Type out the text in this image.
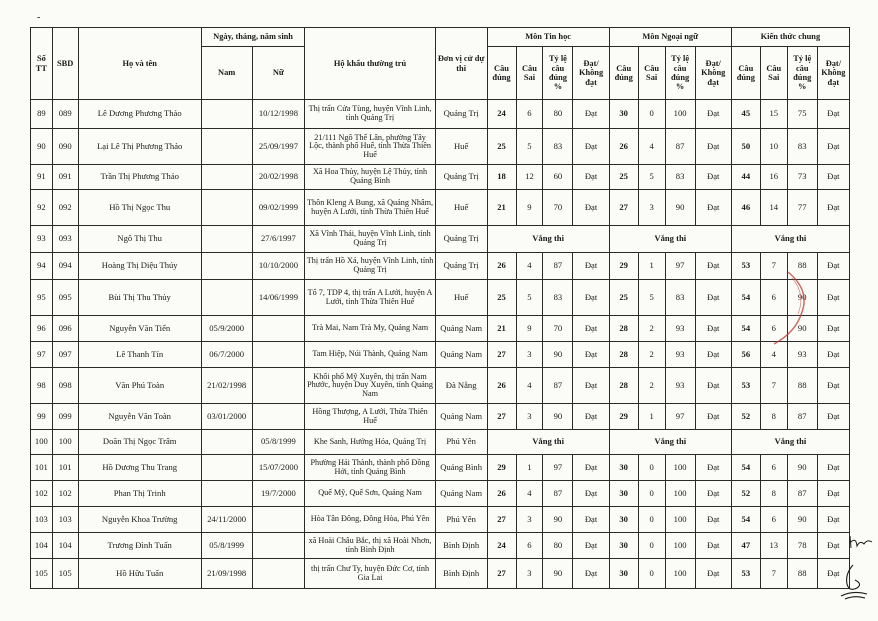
-
Số TT	SBD	Họ và tên	Ngày, tháng, năm sinh		Hộ khẩu thường trú	Đơn vị cử dự thi	Môn Tin học				Môn Ngoại ngữ				Kiến thức chung			
			Nam	Nữ			Câu đúng	Câu Sai	Tỷ lệ câu đúng %	Đạt/ Không đạt	Câu đúng	Câu Sai	Tỷ lệ câu đúng %	Đạt/ Không đạt	Câu đúng	Câu Sai	Tỷ lệ câu đúng %	Đạt/ Không đạt
89	089	Lê Dương Phương Thảo		10/12/1998	Thị trấn Cửa Tùng, huyện Vĩnh Linh, tỉnh Quảng Trị	Quảng Trị	24	6	80	Đạt	30	0	100	Đạt	45	15	75	Đạt
90	090	Lại Lê Thị Phương Thảo		25/09/1997	21/111 Ngô Thế Lân, phường Tây Lộc, thành phố Huế, tỉnh Thừa Thiên Huế	Huế	25	5	83	Đạt	26	4	87	Đạt	50	10	83	Đạt
91	091	Trần Thị Phương Thảo		20/02/1998	Xã Hoa Thủy, huyện Lệ Thủy, tỉnh Quảng Bình	Quảng Trị	18	12	60	Đạt	25	5	83	Đạt	44	16	73	Đạt
92	092	Hồ Thị Ngọc Thu		09/02/1999	Thôn Kleng A Bung, xã Quảng Nhâm, huyện A Lưới, tỉnh Thừa Thiên Huế	Huế	21	9	70	Đạt	27	3	90	Đạt	46	14	77	Đạt
93	093	Ngô Thị Thu		27/6/1997	Xã Vĩnh Thái, huyện Vĩnh Linh, tỉnh Quảng Trị	Quảng Trị	Vắng thi				Vắng thi				Vắng thi			
94	094	Hoàng Thị Diệu Thúy		10/10/2000	Thị trấn Hồ Xá, huyện Vĩnh Linh, tỉnh Quảng Trị	Quảng Trị	26	4	87	Đạt	29	1	97	Đạt	53	7	88	Đạt
95	095	Bùi Thị Thu Thủy		14/06/1999	Tổ 7, TDP 4, thị trấn A Lưới, huyện A Lưới, tỉnh Thừa Thiên Huế	Huế	25	5	83	Đạt	25	5	83	Đạt	54	6	90	Đạt
96	096	Nguyễn Văn Tiến	05/9/2000		Trà Mai, Nam Trà My, Quảng Nam	Quảng Nam	21	9	70	Đạt	28	2	93	Đạt	54	6	90	Đạt
97	097	Lê Thanh Tín	06/7/2000		Tam Hiệp, Núi Thành, Quảng Nam	Quảng Nam	27	3	90	Đạt	28	2	93	Đạt	56	4	93	Đạt
98	098	Văn Phú Toàn	21/02/1998		Khối phố Mỹ Xuyên, thị trấn Nam Phước, huyện Duy Xuyên, tỉnh Quảng Nam	Đà Nẵng	26	4	87	Đạt	28	2	93	Đạt	53	7	88	Đạt
99	099	Nguyễn Văn Toàn	03/01/2000		Hồng Thượng, A Lưới, Thừa Thiên Huế	Quảng Nam	27	3	90	Đạt	29	1	97	Đạt	52	8	87	Đạt
100	100	Doãn Thị Ngọc Trâm		05/8/1999	Khe Sanh, Hướng Hóa, Quảng Trị	Phú Yên	Vắng thi				Vắng thi				Vắng thi			
101	101	Hồ Dương Thu Trang		15/07/2000	Phường Hải Thành, thành phố Đồng Hới, tỉnh Quảng Bình	Quảng Bình	29	1	97	Đạt	30	0	100	Đạt	54	6	90	Đạt
102	102	Phan Thị Trinh		19/7/2000	Quế Mỹ, Quế Sơn, Quảng Nam	Quảng Nam	26	4	87	Đạt	30	0	100	Đạt	52	8	87	Đạt
103	103	Nguyễn Khoa Trường	24/11/2000		Hòa Tân Đông, Đông Hòa, Phú Yên	Phú Yên	27	3	90	Đạt	30	0	100	Đạt	54	6	90	Đạt
104	104	Trương Đình Tuấn	05/8/1999		xã Hoài Châu Bắc, thị xã Hoài Nhơn, tỉnh Bình Định	Bình Định	24	6	80	Đạt	30	0	100	Đạt	47	13	78	Đạt
105	105	Hồ Hữu Tuấn	21/09/1998		thị trấn Chư Ty, huyện Đức Cơ, tỉnh Gia Lai	Bình Định	27	3	90	Đạt	30	0	100	Đạt	53	7	88	Đạt
